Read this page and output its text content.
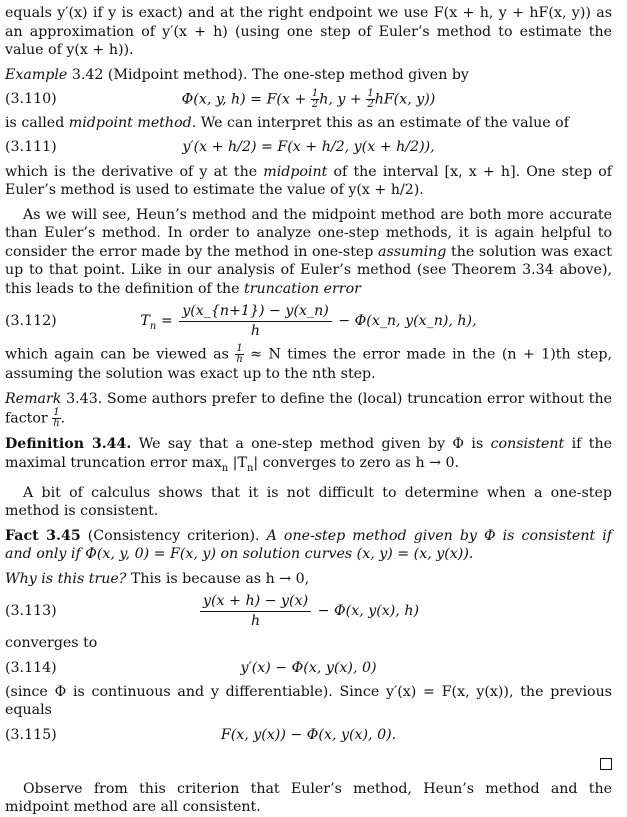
equals y′(x) if y is exact) and at the right endpoint we use F(x + h, y + hF(x, y)) as an approximation of y′(x + h) (using one step of Euler’s method to estimate the value of y(x + h)).

Example 3.42 (Midpoint method). The one-step method given by

(3.110)	Φ(x, y, $h) = F(x + \frac{1}{2} h$, $y + \frac{1}{2} hF(x$, y))

is called midpoint method. We can interpret this as an estimate of the value of

(3.111)	y′(x + h/2) = F(x + h/2, y(x + h/2)),

which is the derivative of y at the midpoint of the interval [x, x + h]. One step of Euler’s method is used to estimate the value of y(x + h/2).

As we will see, Heun’s method and the midpoint method are both more accurate than Euler’s method. In order to analyze one-step methods, it is again helpful to consider the error made by the method in one-step assuming the solution was exact up to that point. Like in our analysis of Euler’s method (see Theorem 3.34 above), this leads to the definition of the truncation error

(3.112)	$T_n = \frac{y(x\_\{n+1\}) - y(x\_n)}{h}$ − Φ(x_n, y(x_n), h),

which again can be viewed as $\frac{1}{h} \approx N$ times the error made in the (n + 1)th step, assuming the solution was exact up to the nth step.

Remark 3.43. Some authors prefer to define the (local) truncation error without the factor $\frac{1}{h}$ .

Definition 3.44. We say that a one-step method given by Φ is consistent if the maximal truncation error $\max_n |T_n|$ converges to zero as h → 0.

A bit of calculus shows that it is not difficult to determine when a one-step method is consistent.

Fact 3.45 (Consistency criterion). A one-step method given by Φ is consistent if and only if Φ(x, y, 0) = F(x, y) on solution curves (x, y) = (x, y(x)).

Why is this true? This is because as h → 0,

(3.113)	$\frac{y(x + h) - y(x)}{h} - \Phi(x$, y(x), h)

converges to

(3.114)	y′(x) − Φ(x, y(x), 0)

(since Φ is continuous and y differentiable). Since y′(x) = F(x, y(x)), the previous equals

(3.115)	F(x, y(x)) − Φ(x, y(x), 0).

Observe from this criterion that Euler’s method, Heun’s method and the midpoint method are all consistent.
